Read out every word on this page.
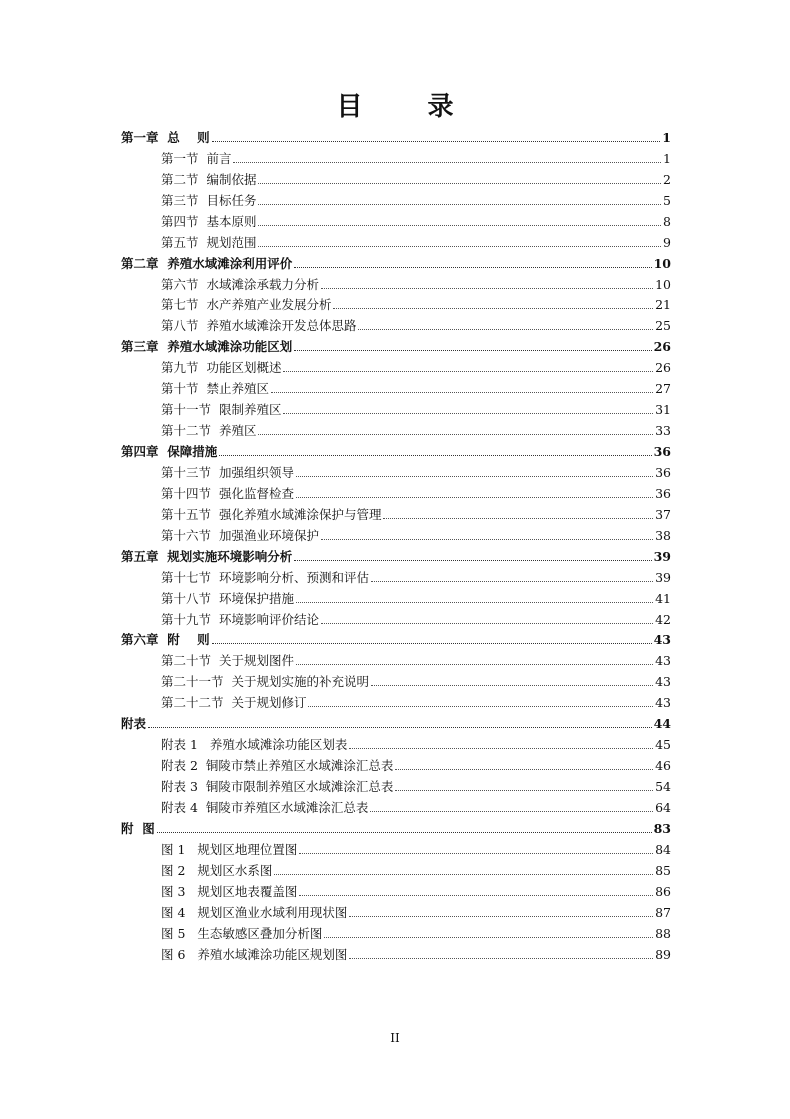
目 录
第一章  总    则	1
第一节  前言	1
第二节  编制依据	2
第三节  目标任务	5
第四节  基本原则	8
第五节  规划范围	9
第二章  养殖水域滩涂利用评价	10
第六节  水域滩涂承载力分析	10
第七节  水产养殖产业发展分析	21
第八节  养殖水域滩涂开发总体思路	25
第三章  养殖水域滩涂功能区划	26
第九节  功能区划概述	26
第十节  禁止养殖区	27
第十一节  限制养殖区	31
第十二节  养殖区	33
第四章  保障措施	36
第十三节  加强组织领导	36
第十四节  强化监督检查	36
第十五节  强化养殖水域滩涂保护与管理	37
第十六节  加强渔业环境保护	38
第五章  规划实施环境影响分析	39
第十七节  环境影响分析、预测和评估	39
第十八节  环境保护措施	41
第十九节  环境影响评价结论	42
第六章  附    则	43
第二十节  关于规划图件	43
第二十一节  关于规划实施的补充说明	43
第二十二节  关于规划修订	43
附表	44
附表 1   养殖水域滩涂功能区划表	45
附表 2  铜陵市禁止养殖区水域滩涂汇总表	46
附表 3  铜陵市限制养殖区水域滩涂汇总表	54
附表 4  铜陵市养殖区水域滩涂汇总表	64
附  图	83
图 1   规划区地理位置图	84
图 2   规划区水系图	85
图 3   规划区地表覆盖图	86
图 4   规划区渔业水域利用现状图	87
图 5   生态敏感区叠加分析图	88
图 6   养殖水域滩涂功能区规划图	89
II
